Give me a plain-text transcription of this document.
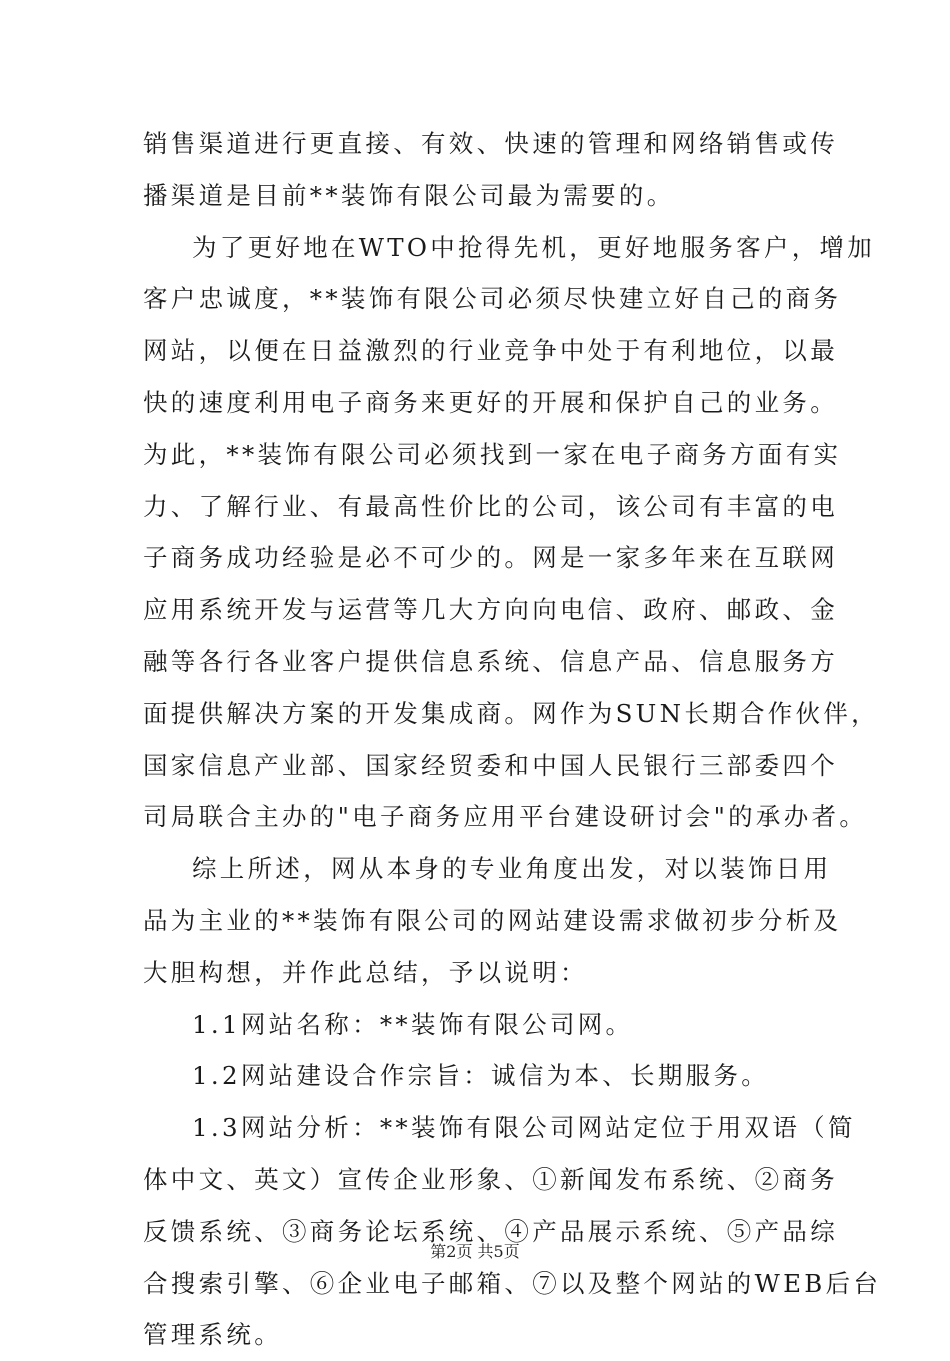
销售渠道进行更直接、有效、快速的管理和网络销售或传
播渠道是目前**装饰有限公司最为需要的。
为了更好地在WTO中抢得先机，更好地服务客户，增加
客户忠诚度，**装饰有限公司必须尽快建立好自己的商务
网站，以便在日益激烈的行业竞争中处于有利地位，以最
快的速度利用电子商务来更好的开展和保护自己的业务。
为此，**装饰有限公司必须找到一家在电子商务方面有实
力、了解行业、有最高性价比的公司，该公司有丰富的电
子商务成功经验是必不可少的。网是一家多年来在互联网
应用系统开发与运营等几大方向向电信、政府、邮政、金
融等各行各业客户提供信息系统、信息产品、信息服务方
面提供解决方案的开发集成商。网作为SUN长期合作伙伴，
国家信息产业部、国家经贸委和中国人民银行三部委四个
司局联合主办的"电子商务应用平台建设研讨会"的承办者。
综上所述，网从本身的专业角度出发，对以装饰日用
品为主业的**装饰有限公司的网站建设需求做初步分析及
大胆构想，并作此总结，予以说明：
1.1网站名称：**装饰有限公司网。
1.2网站建设合作宗旨：诚信为本、长期服务。
1.3网站分析：**装饰有限公司网站定位于用双语（简
体中文、英文）宣传企业形象、①新闻发布系统、②商务
反馈系统、③商务论坛系统、④产品展示系统、⑤产品综
合搜索引擎、⑥企业电子邮箱、⑦以及整个网站的WEB后台
管理系统。
第2页 共5页
